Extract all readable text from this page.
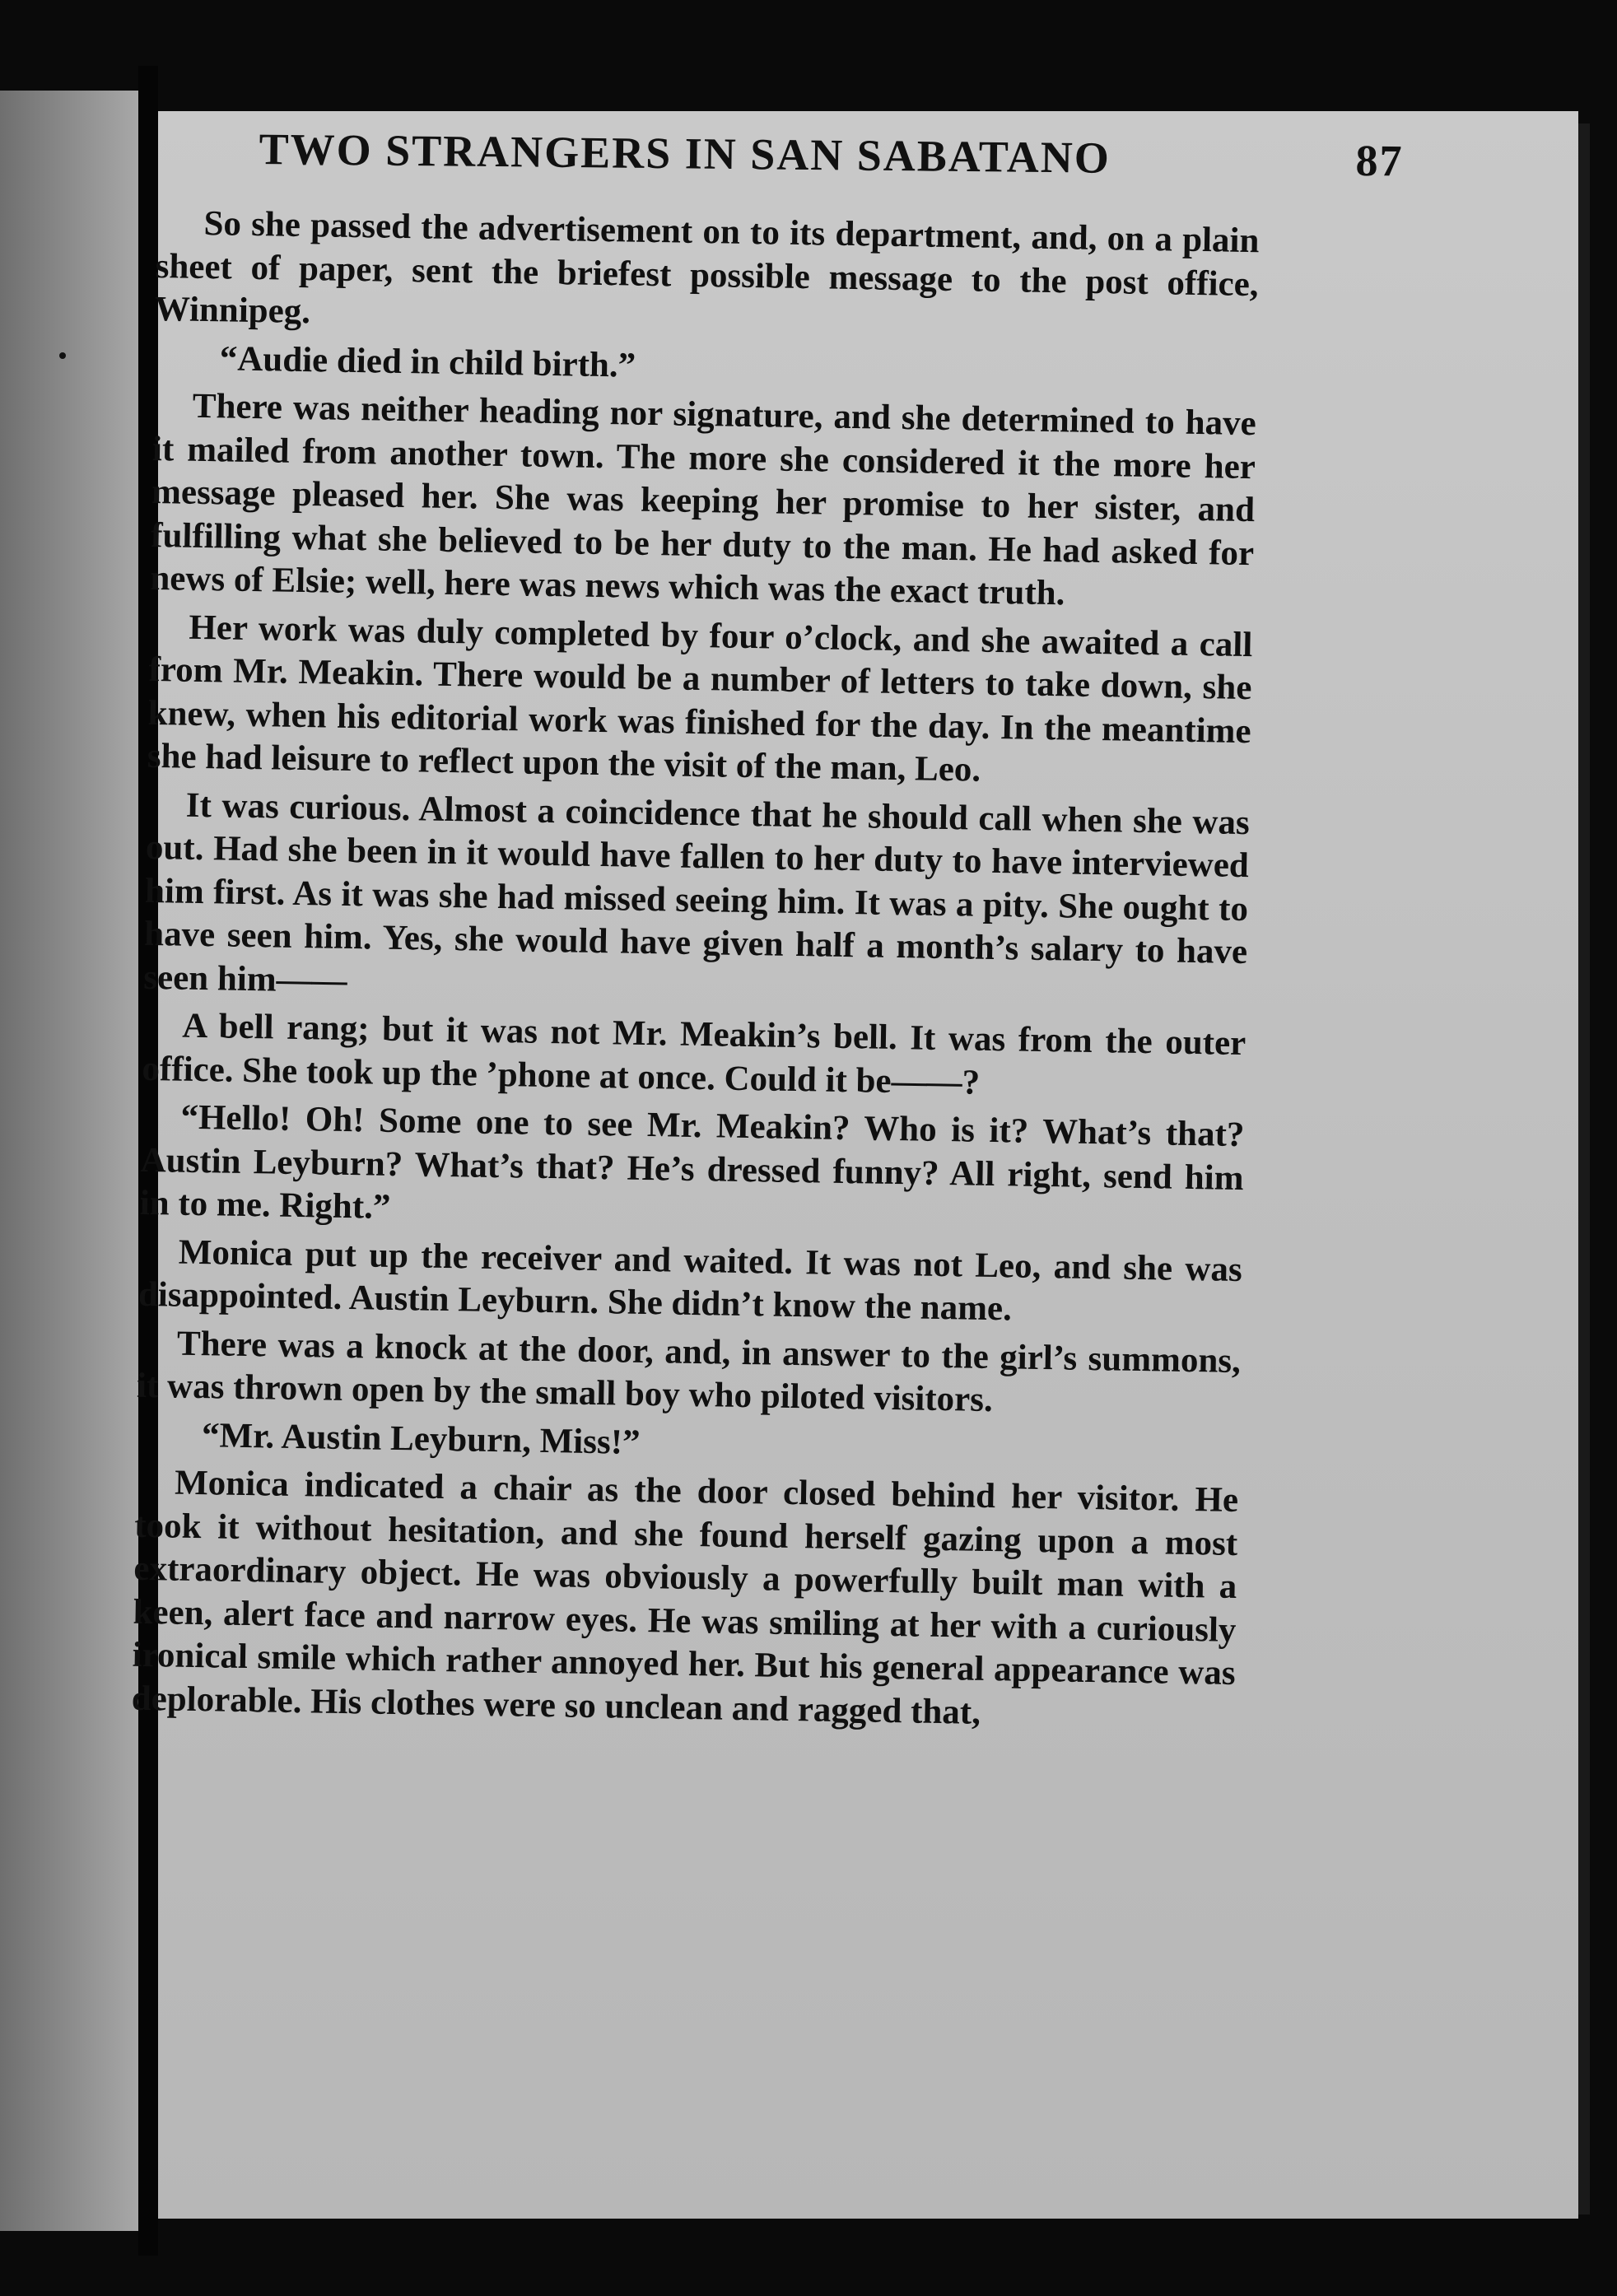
TWO STRANGERS IN SAN SABATANO	87

So she passed the advertisement on to its department, and, on a plain sheet of paper, sent the briefest possible message to the post office, Winnipeg.

“Audie died in child birth.”

There was neither heading nor signature, and she determined to have it mailed from another town. The more she considered it the more her message pleased her. She was keeping her promise to her sister, and fulfilling what she believed to be her duty to the man. He had asked for news of Elsie; well, here was news which was the exact truth.

Her work was duly completed by four o’clock, and she awaited a call from Mr. Meakin. There would be a number of letters to take down, she knew, when his editorial work was finished for the day. In the meantime she had leisure to reflect upon the visit of the man, Leo.

It was curious. Almost a coincidence that he should call when she was out. Had she been in it would have fallen to her duty to have interviewed him first. As it was she had missed seeing him. It was a pity. She ought to have seen him. Yes, she would have given half a month’s salary to have seen him——

A bell rang; but it was not Mr. Meakin’s bell. It was from the outer office. She took up the ’phone at once. Could it be——?

“Hello! Oh! Some one to see Mr. Meakin? Who is it? What’s that? Austin Leyburn? What’s that? He’s dressed funny? All right, send him in to me. Right.”

Monica put up the receiver and waited. It was not Leo, and she was disappointed. Austin Leyburn. She didn’t know the name.

There was a knock at the door, and, in answer to the girl’s summons, it was thrown open by the small boy who piloted visitors.

“Mr. Austin Leyburn, Miss!”

Monica indicated a chair as the door closed behind her visitor. He took it without hesitation, and she found herself gazing upon a most extraordinary object. He was obviously a powerfully built man with a keen, alert face and narrow eyes. He was smiling at her with a curiously ironical smile which rather annoyed her. But his general appearance was deplorable. His clothes were so unclean and ragged that,
